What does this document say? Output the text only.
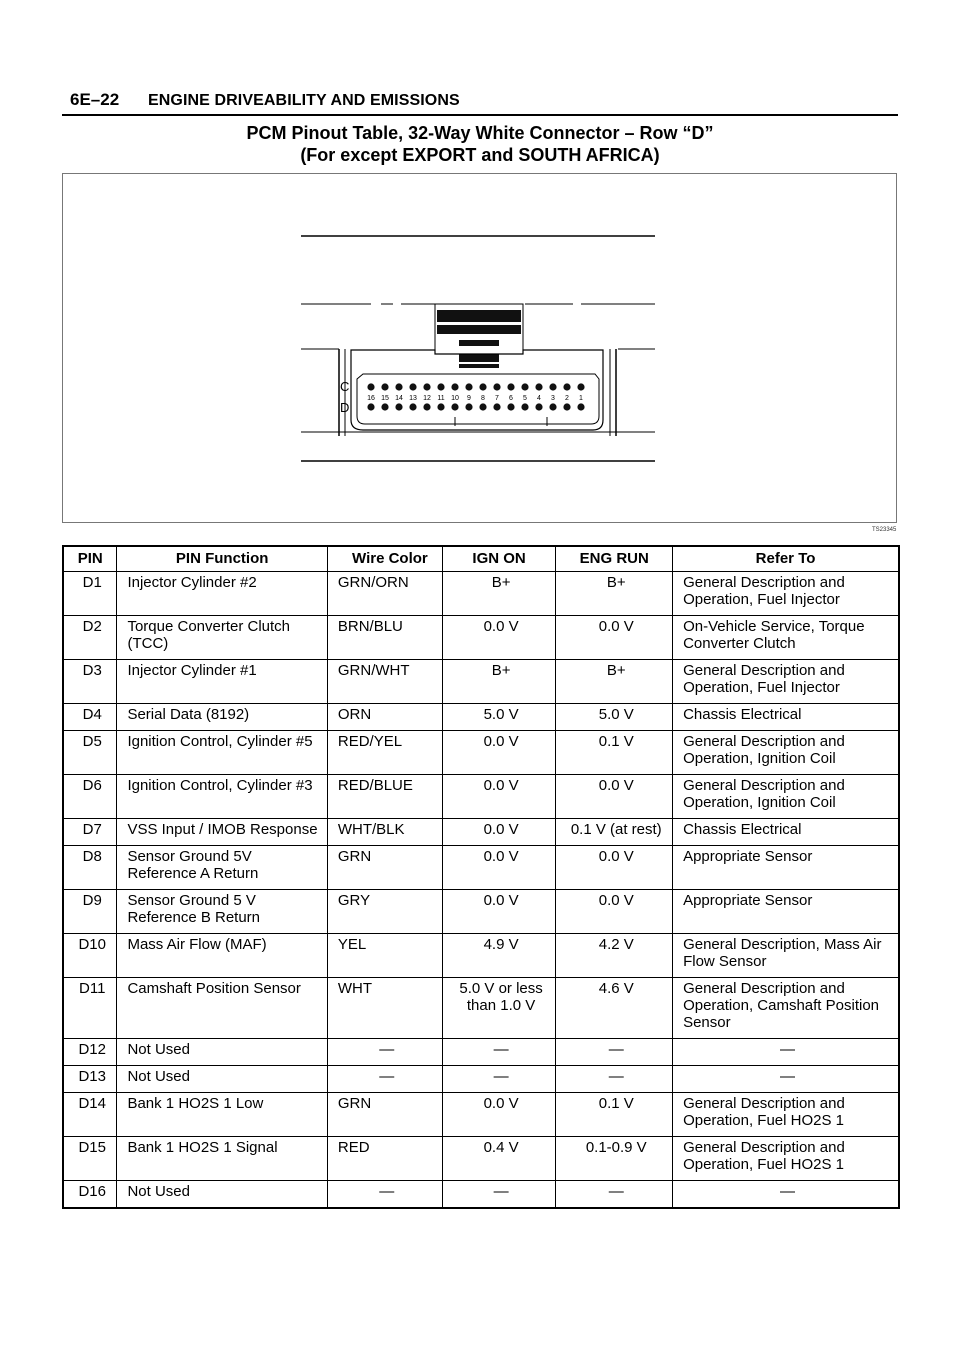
6E–22 ENGINE DRIVEABILITY AND EMISSIONS
PCM Pinout Table, 32-Way White Connector – Row “D”
(For except EXPORT and SOUTH AFRICA)
C
D
16 15 14 13 12 11 10 9 8 7 6 5 4 3 2 1
TS23345
PIN	PIN Function	Wire Color	IGN ON	ENG RUN	Refer To
D1	Injector Cylinder #2	GRN/ORN	B+	B+	General Description and Operation, Fuel Injector
D2	Torque Converter Clutch (TCC)	BRN/BLU	0.0 V	0.0 V	On-Vehicle Service, Torque Converter Clutch
D3	Injector Cylinder #1	GRN/WHT	B+	B+	General Description and Operation, Fuel Injector
D4	Serial Data (8192)	ORN	5.0 V	5.0 V	Chassis Electrical
D5	Ignition Control, Cylinder #5	RED/YEL	0.0 V	0.1 V	General Description and Operation, Ignition Coil
D6	Ignition Control, Cylinder #3	RED/BLUE	0.0 V	0.0 V	General Description and Operation, Ignition Coil
D7	VSS Input / IMOB Response	WHT/BLK	0.0 V	0.1 V (at rest)	Chassis Electrical
D8	Sensor Ground 5V Reference A Return	GRN	0.0 V	0.0 V	Appropriate Sensor
D9	Sensor Ground 5 V Reference B Return	GRY	0.0 V	0.0 V	Appropriate Sensor
D10	Mass Air Flow (MAF)	YEL	4.9 V	4.2 V	General Description, Mass Air Flow Sensor
D11	Camshaft Position Sensor	WHT	5.0 V or less than 1.0 V	4.6 V	General Description and Operation, Camshaft Position Sensor
D12	Not Used	—	—	—	—
D13	Not Used	—	—	—	—
D14	Bank 1 HO2S 1 Low	GRN	0.0 V	0.1 V	General Description and Operation, Fuel HO2S 1
D15	Bank 1 HO2S 1 Signal	RED	0.4 V	0.1-0.9 V	General Description and Operation, Fuel HO2S 1
D16	Not Used	—	—	—	—
